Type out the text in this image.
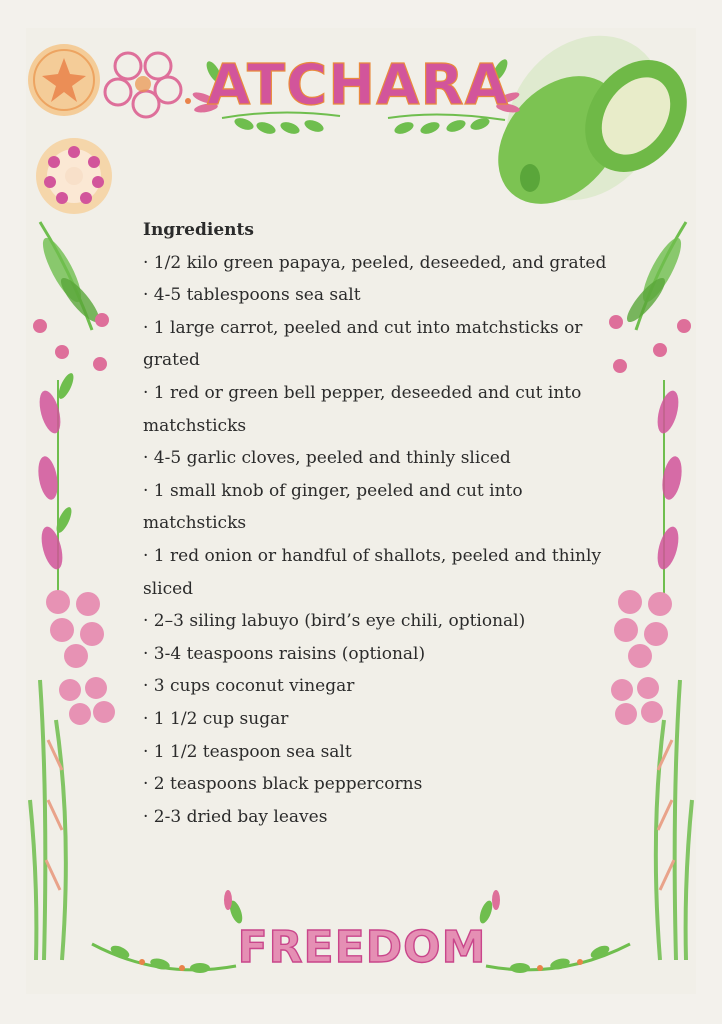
ATCHARA
FREEDOM
Ingredients
· 1/2 kilo green papaya, peeled, deseeded, and grated
· 4-5 tablespoons sea salt
· 1 large carrot, peeled and cut into matchsticks or grated
· 1 red or green bell pepper, deseeded and cut into matchsticks
· 4-5 garlic cloves, peeled and thinly sliced
· 1 small knob of ginger, peeled and cut into matchsticks
· 1 red onion or handful of shallots, peeled and thinly sliced
· 2–3 siling labuyo (bird’s eye chili, optional)
· 3-4 teaspoons raisins (optional)
· 3 cups coconut vinegar
· 1 1/2 cup sugar
· 1 1/2 teaspoon sea salt
· 2 teaspoons black peppercorns
· 2-3 dried bay leaves
